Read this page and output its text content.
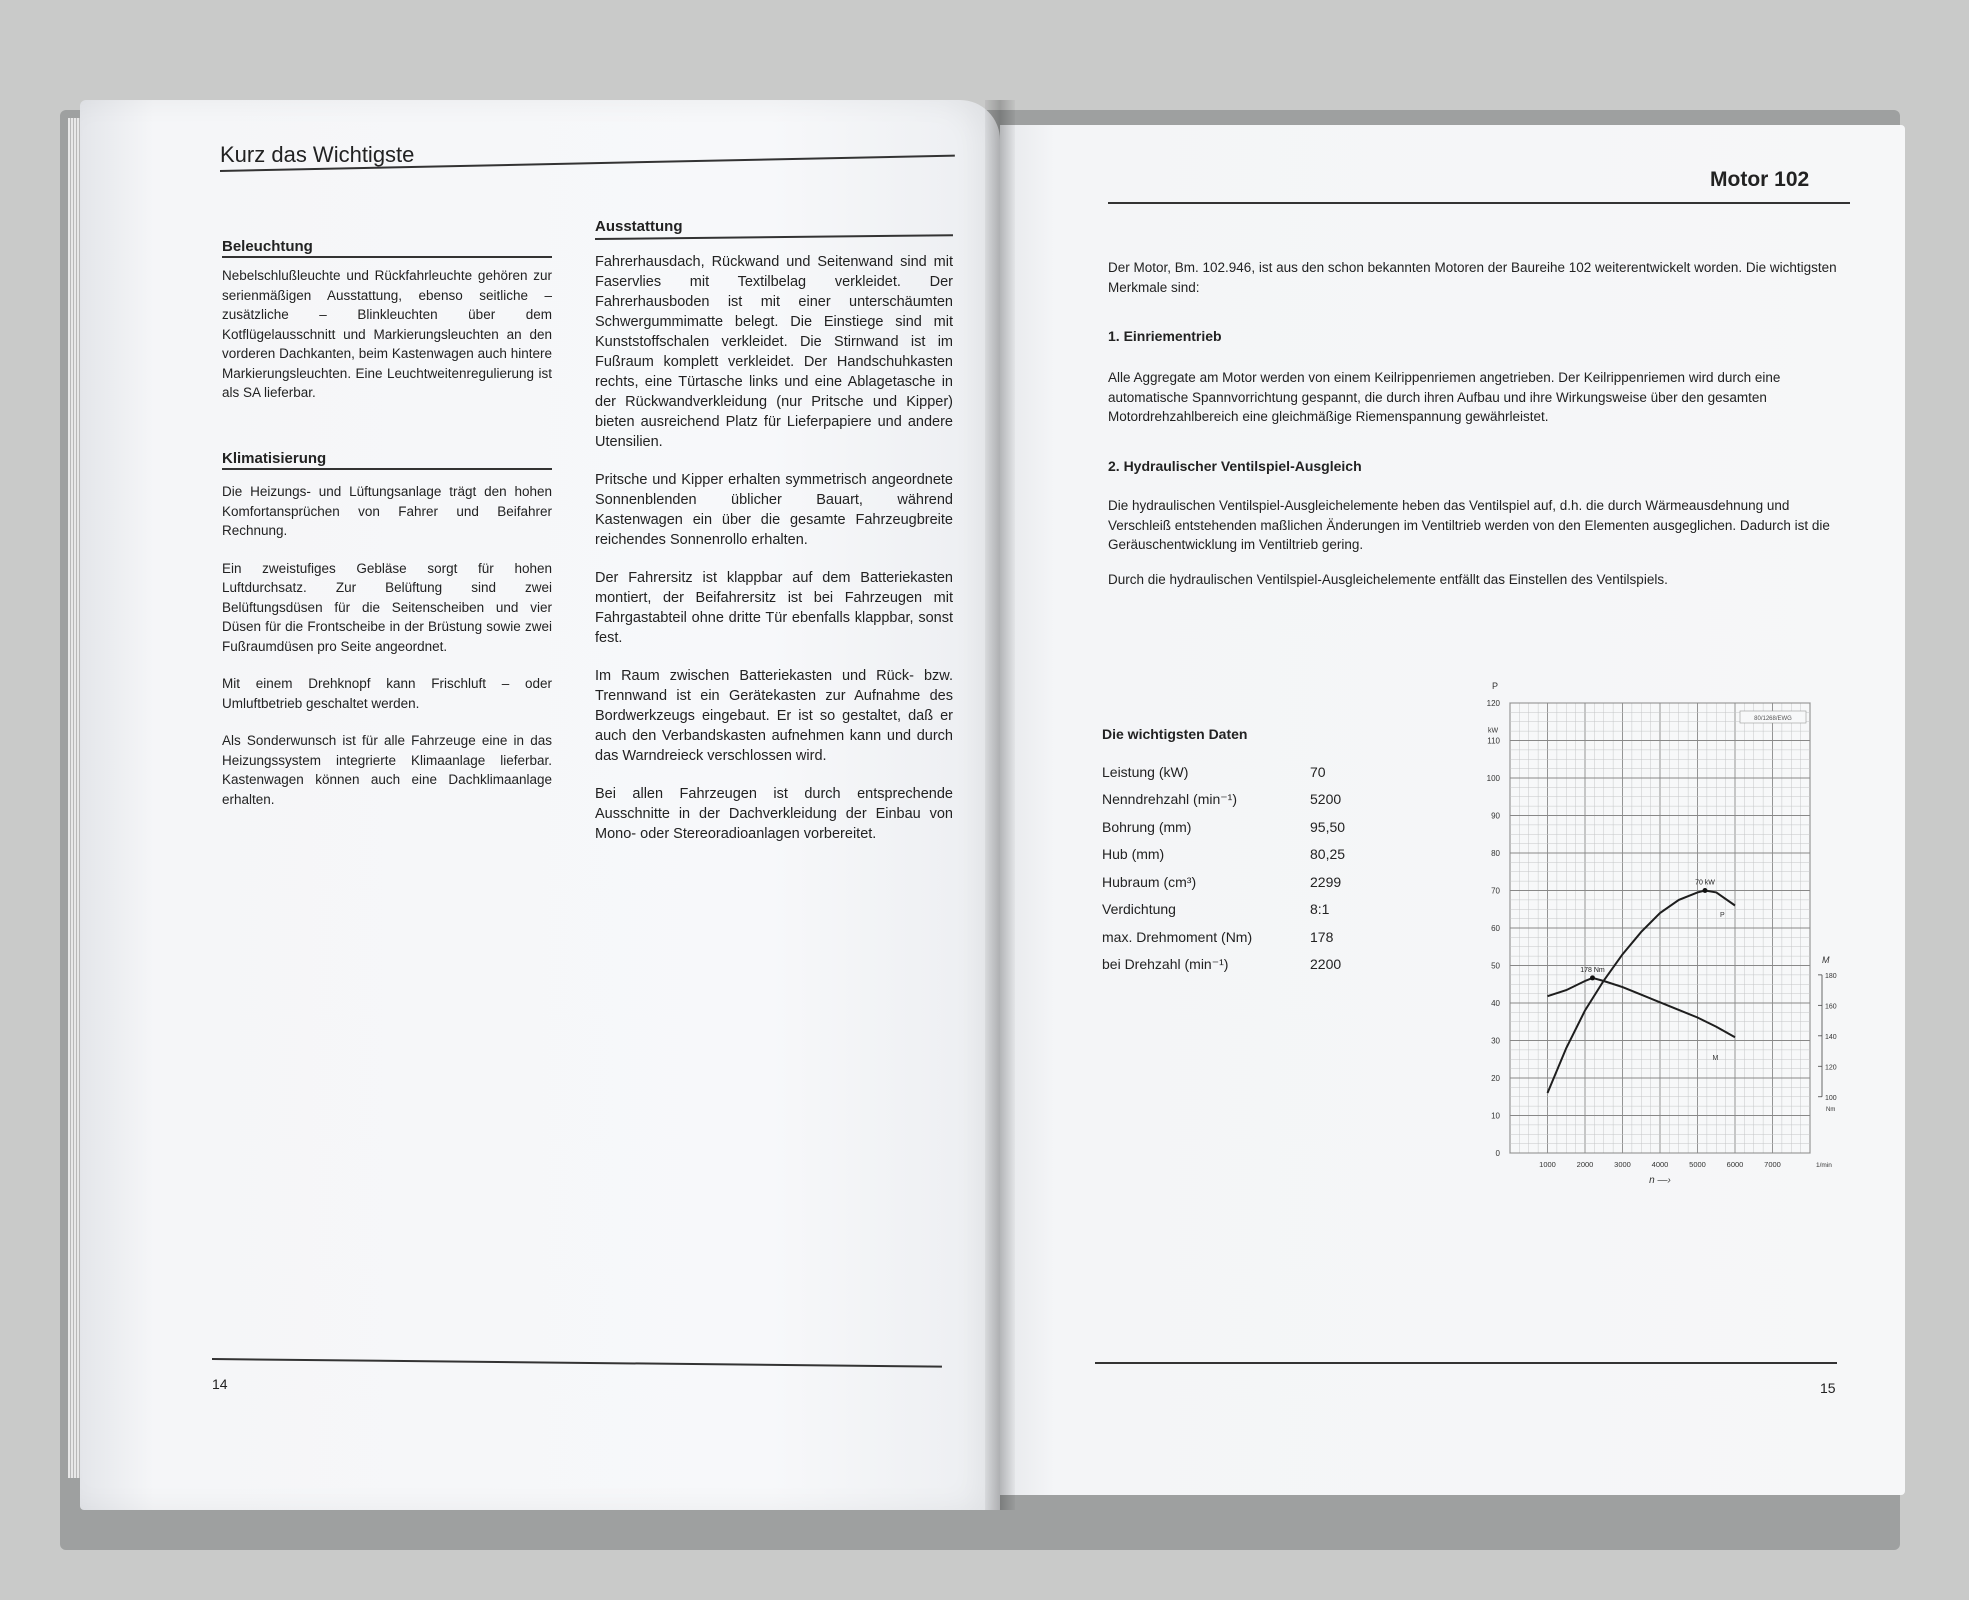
Kurz das Wichtigste
Beleuchtung

Nebelschlußleuchte und Rückfahrleuchte gehören zur serienmäßigen Ausstattung, ebenso seitliche – zusätzliche – Blinkleuchten über dem Kotflügelausschnitt und Markierungsleuchten an den vorderen Dachkanten, beim Kastenwagen auch hintere Markierungsleuchten. Eine Leuchtweitenregulierung ist als SA lieferbar.

Klimatisierung

Die Heizungs- und Lüftungsanlage trägt den hohen Komfortansprüchen von Fahrer und Beifahrer Rechnung.

Ein zweistufiges Gebläse sorgt für hohen Luftdurchsatz. Zur Belüftung sind zwei Belüftungsdüsen für die Seitenscheiben und vier Düsen für die Frontscheibe in der Brüstung sowie zwei Fußraumdüsen pro Seite angeordnet.

Mit einem Drehknopf kann Frischluft – oder Umluftbetrieb geschaltet werden.

Als Sonderwunsch ist für alle Fahrzeuge eine in das Heizungssystem integrierte Klimaanlage lieferbar. Kastenwagen können auch eine Dachklimaanlage erhalten.

Ausstattung

Fahrerhausdach, Rückwand und Seitenwand sind mit Faservlies mit Textilbelag verkleidet. Der Fahrerhausboden ist mit einer unterschäumten Schwergummimatte belegt. Die Einstiege sind mit Kunststoffschalen verkleidet. Die Stirnwand ist im Fußraum komplett verkleidet. Der Handschuhkasten rechts, eine Türtasche links und eine Ablagetasche in der Rückwandverkleidung (nur Pritsche und Kipper) bieten ausreichend Platz für Lieferpapiere und andere Utensilien.

Pritsche und Kipper erhalten symmetrisch angeordnete Sonnenblenden üblicher Bauart, während Kastenwagen ein über die gesamte Fahrzeugbreite reichendes Sonnenrollo erhalten.

Der Fahrersitz ist klappbar auf dem Batteriekasten montiert, der Beifahrersitz ist bei Fahrzeugen mit Fahrgastabteil ohne dritte Tür ebenfalls klappbar, sonst fest.

Im Raum zwischen Batteriekasten und Rück- bzw. Trennwand ist ein Gerätekasten zur Aufnahme des Bordwerkzeugs eingebaut. Er ist so gestaltet, daß er auch den Verbandskasten aufnehmen kann und durch das Warndreieck verschlossen wird.

Bei allen Fahrzeugen ist durch entsprechende Ausschnitte in der Dachverkleidung der Einbau von Mono- oder Stereoradioanlagen vorbereitet.

14
Motor 102
Der Motor, Bm. 102.946, ist aus den schon bekannten Motoren der Baureihe 102 weiterentwickelt worden. Die wichtigsten Merkmale sind:
1. Einriementrieb
Alle Aggregate am Motor werden von einem Keilrippenriemen angetrieben. Der Keilrippenriemen wird durch eine automatische Spannvorrichtung gespannt, die durch ihren Aufbau und ihre Wirkungsweise über den gesamten Motordrehzahlbereich eine gleichmäßige Riemenspannung gewährleistet.
2. Hydraulischer Ventilspiel-Ausgleich
Die hydraulischen Ventilspiel-Ausgleichelemente heben das Ventilspiel auf, d.h. die durch Wärmeausdehnung und Verschleiß entstehenden maßlichen Änderungen im Ventiltrieb werden von den Elementen ausgeglichen. Dadurch ist die Geräuschentwicklung im Ventiltrieb gering.
Durch die hydraulischen Ventilspiel-Ausgleichelemente entfällt das Einstellen des Ventilspiels.
Die wichtigsten Daten
Leistung (kW)	70
Nenndrehzahl (min⁻¹)	5200
Bohrung (mm)	95,50
Hub (mm)	80,25
Hubraum (cm³)	2299
Verdichtung	8:1
max. Drehmoment (Nm)	178
bei Drehzahl (min⁻¹)	2200
0
10
20
30
40
50
60
70
80
90
100
110
120
P
kW
1000	2000	3000	4000	5000	6000	7000	1/min
n —›
100
120
140
160
180
M
Nm
80/1268/EWG
P
M
70 kW
178 Nm
15
